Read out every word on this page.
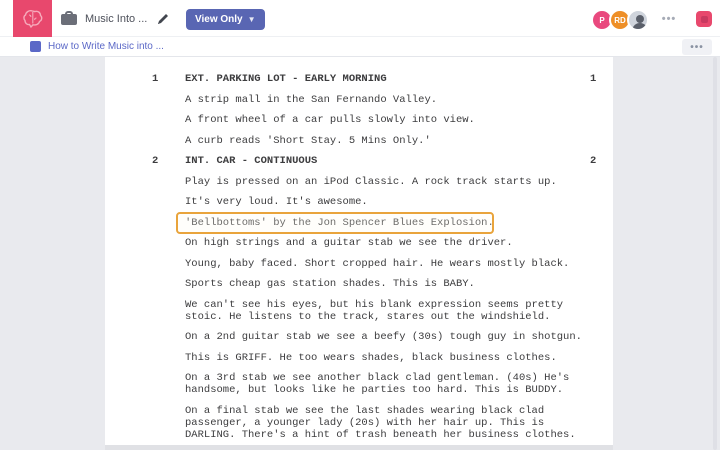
Music Into ...	View Only ▼	P	RD	•••
How to Write Music into ...	•••
1	EXT. PARKING LOT - EARLY MORNING	1

A strip mall in the San Fernando Valley.

A front wheel of a car pulls slowly into view.

A curb reads 'Short Stay. 5 Mins Only.'

2	INT. CAR - CONTINUOUS	2

Play is pressed on an iPod Classic. A rock track starts up.

It's very loud. It's awesome.

'Bellbottoms' by the Jon Spencer Blues Explosion.

On high strings and a guitar stab we see the driver.

Young, baby faced. Short cropped hair. He wears mostly black.

Sports cheap gas station shades. This is BABY.

We can't see his eyes, but his blank expression seems pretty stoic. He listens to the track, stares out the windshield.

On a 2nd guitar stab we see a beefy (30s) tough guy in shotgun.

This is GRIFF. He too wears shades, black business clothes.

On a 3rd stab we see another black clad gentleman. (40s) He's handsome, but looks like he parties too hard. This is BUDDY.

On a final stab we see the last shades wearing black clad passenger, a younger lady (20s) with her hair up. This is DARLING. There's a hint of trash beneath her business clothes.
